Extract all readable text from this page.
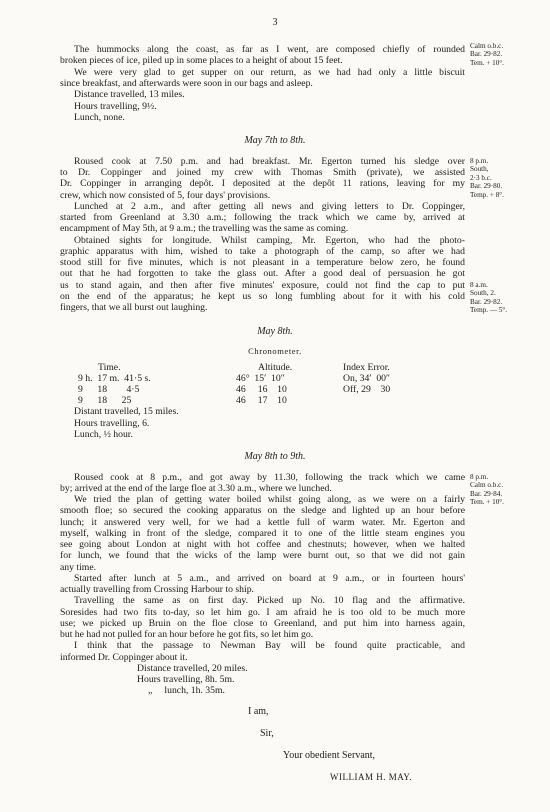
3
The hummocks along the coast, as far as I went, are composed chiefly of rounded
broken pieces of ice, piled up in some places to a height of about 15 feet.
We were very glad to get supper on our return, as we had had only a little biscuit
since breakfast, and afterwards were soon in our bags and asleep.
Distance travelled, 13 miles.
Hours travelling, 9½.
Lunch, none.
May 7th to 8th.
Roused cook at 7.50 p.m. and had breakfast. Mr. Egerton turned his sledge over
to Dr. Coppinger and joined my crew with Thomas Smith (private), we assisted
Dr. Coppinger in arranging depôt. I deposited at the depôt 11 rations, leaving for my
crew, which now consisted of 5, four days' provisions.
Lunched at 2 a.m., and after getting all news and giving letters to Dr. Coppinger,
started from Greenland at 3.30 a.m.; following the track which we came by, arrived at
encampment of May 5th, at 9 a.m.; the travelling was the same as coming.
Obtained sights for longitude. Whilst camping, Mr. Egerton, who had the photo-
graphic apparatus with him, wished to take a photograph of the camp, so after we had
stood still for five minutes, which is not pleasant in a temperature below zero, he found
out that he had forgotten to take the glass out. After a good deal of persuasion he got
us to stand again, and then after five minutes' exposure, could not find the cap to put
on the end of the apparatus; he kept us so long fumbling about for it with his cold
fingers, that we all burst out laughing.
May 8th.
Chronometer.
Time.	Altitude.	Index Error.
9 h.  17 m.  41·5 s.	46°  15′  10″	On, 34′  00″
9      18        4·5	46     16    10	Off, 29    30
9      18      25	46     17    10
Distant travelled, 15 miles.
Hours travelling, 6.
Lunch, ½ hour.
May 8th to 9th.
Roused cook at 8 p.m., and got away by 11.30, following the track which we came
by; arrived at the end of the large floe at 3.30 a.m., where we lunched.
We tried the plan of getting water boiled whilst going along, as we were on a fairly
smooth floe; so secured the cooking apparatus on the sledge and lighted up an hour before
lunch; it answered very well, for we had a kettle full of warm water. Mr. Egerton and
myself, walking in front of the sledge, compared it to one of the little steam engines you
see going about London at night with hot coffee and chestnuts; however, when we halted
for lunch, we found that the wicks of the lamp were burnt out, so that we did not gain
any time.
Started after lunch at 5 a.m., and arrived on board at 9 a.m., or in fourteen hours'
actually travelling from Crossing Harbour to ship.
Travelling the same as on first day. Picked up No. 10 flag and the affirmative.
Soresides had two fits to-day, so let him go. I am afraid he is too old to be much more
use; we picked up Bruin on the floe close to Greenland, and put him into harness again,
but he had not pulled for an hour before he got fits, so let him go.
I think that the passage to Newman Bay will be found quite practicable, and
informed Dr. Coppinger about it.
Distance travelled, 20 miles.
Hours travelling, 8h. 5m.
„     lunch, 1h. 35m.
I am,
Sir,
Your obedient Servant,
WILLIAM H. MAY.
Calm o.b.c.
Bar. 29·82.
Tem. + 10°.
8 p.m.
South,
2·3 b.c.
Bar. 29·80.
Temp. + 8°.
8 a.m.
South, 2.
Bar. 29·82.
Temp. — 5°.
8 p.m.
Calm o.b.c.
Bar. 29·84.
Tem. + 10°.
